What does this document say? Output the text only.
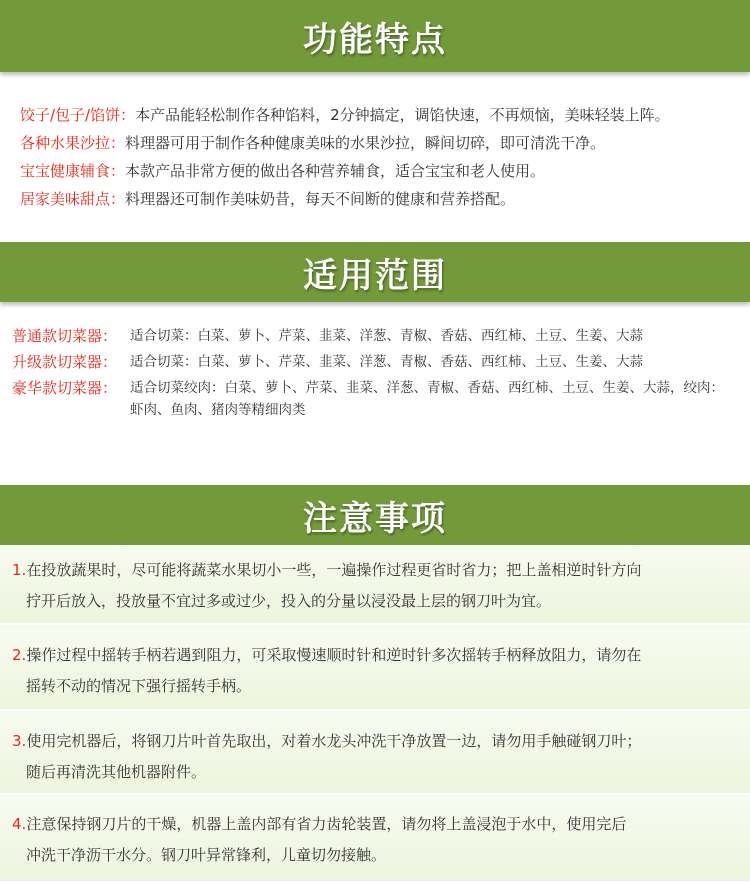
功能特点
饺子/包子/馅饼： 本产品能轻松制作各种馅料，2分钟搞定，调馅快速，不再烦恼，美味轻装上阵。
各种水果沙拉： 料理器可用于制作各种健康美味的水果沙拉，瞬间切碎，即可清洗干净。
宝宝健康辅食： 本款产品非常方便的做出各种营养辅食，适合宝宝和老人使用。
居家美味甜点： 料理器还可制作美味奶昔，每天不间断的健康和营养搭配。
适用范围
普通款切菜器： 适合切菜：白菜、萝卜、芹菜、韭菜、洋葱、青椒、香菇、西红柿、土豆、生姜、大蒜
升级款切菜器： 适合切菜：白菜、萝卜、芹菜、韭菜、洋葱、青椒、香菇、西红柿、土豆、生姜、大蒜
豪华款切菜器： 适合切菜绞肉：白菜、萝卜、芹菜、韭菜、洋葱、青椒、香菇、西红柿、土豆、生姜、大蒜，绞肉：虾肉、鱼肉、猪肉等精细肉类
注意事项
1.在投放蔬果时，尽可能将蔬菜水果切小一些，一遍操作过程更省时省力；把上盖相逆时针方向
拧开后放入，投放量不宜过多或过少，投入的分量以浸没最上层的钢刀叶为宜。
2.操作过程中摇转手柄若遇到阻力，可采取慢速顺时针和逆时针多次摇转手柄释放阻力，请勿在
摇转不动的情况下强行摇转手柄。
3.使用完机器后，将钢刀片叶首先取出，对着水龙头冲洗干净放置一边，请勿用手触碰钢刀叶；
随后再清洗其他机器附件。
4.注意保持钢刀片的干燥，机器上盖内部有省力齿轮装置，请勿将上盖浸泡于水中，使用完后
冲洗干净沥干水分。钢刀叶异常锋利，儿童切勿接触。
